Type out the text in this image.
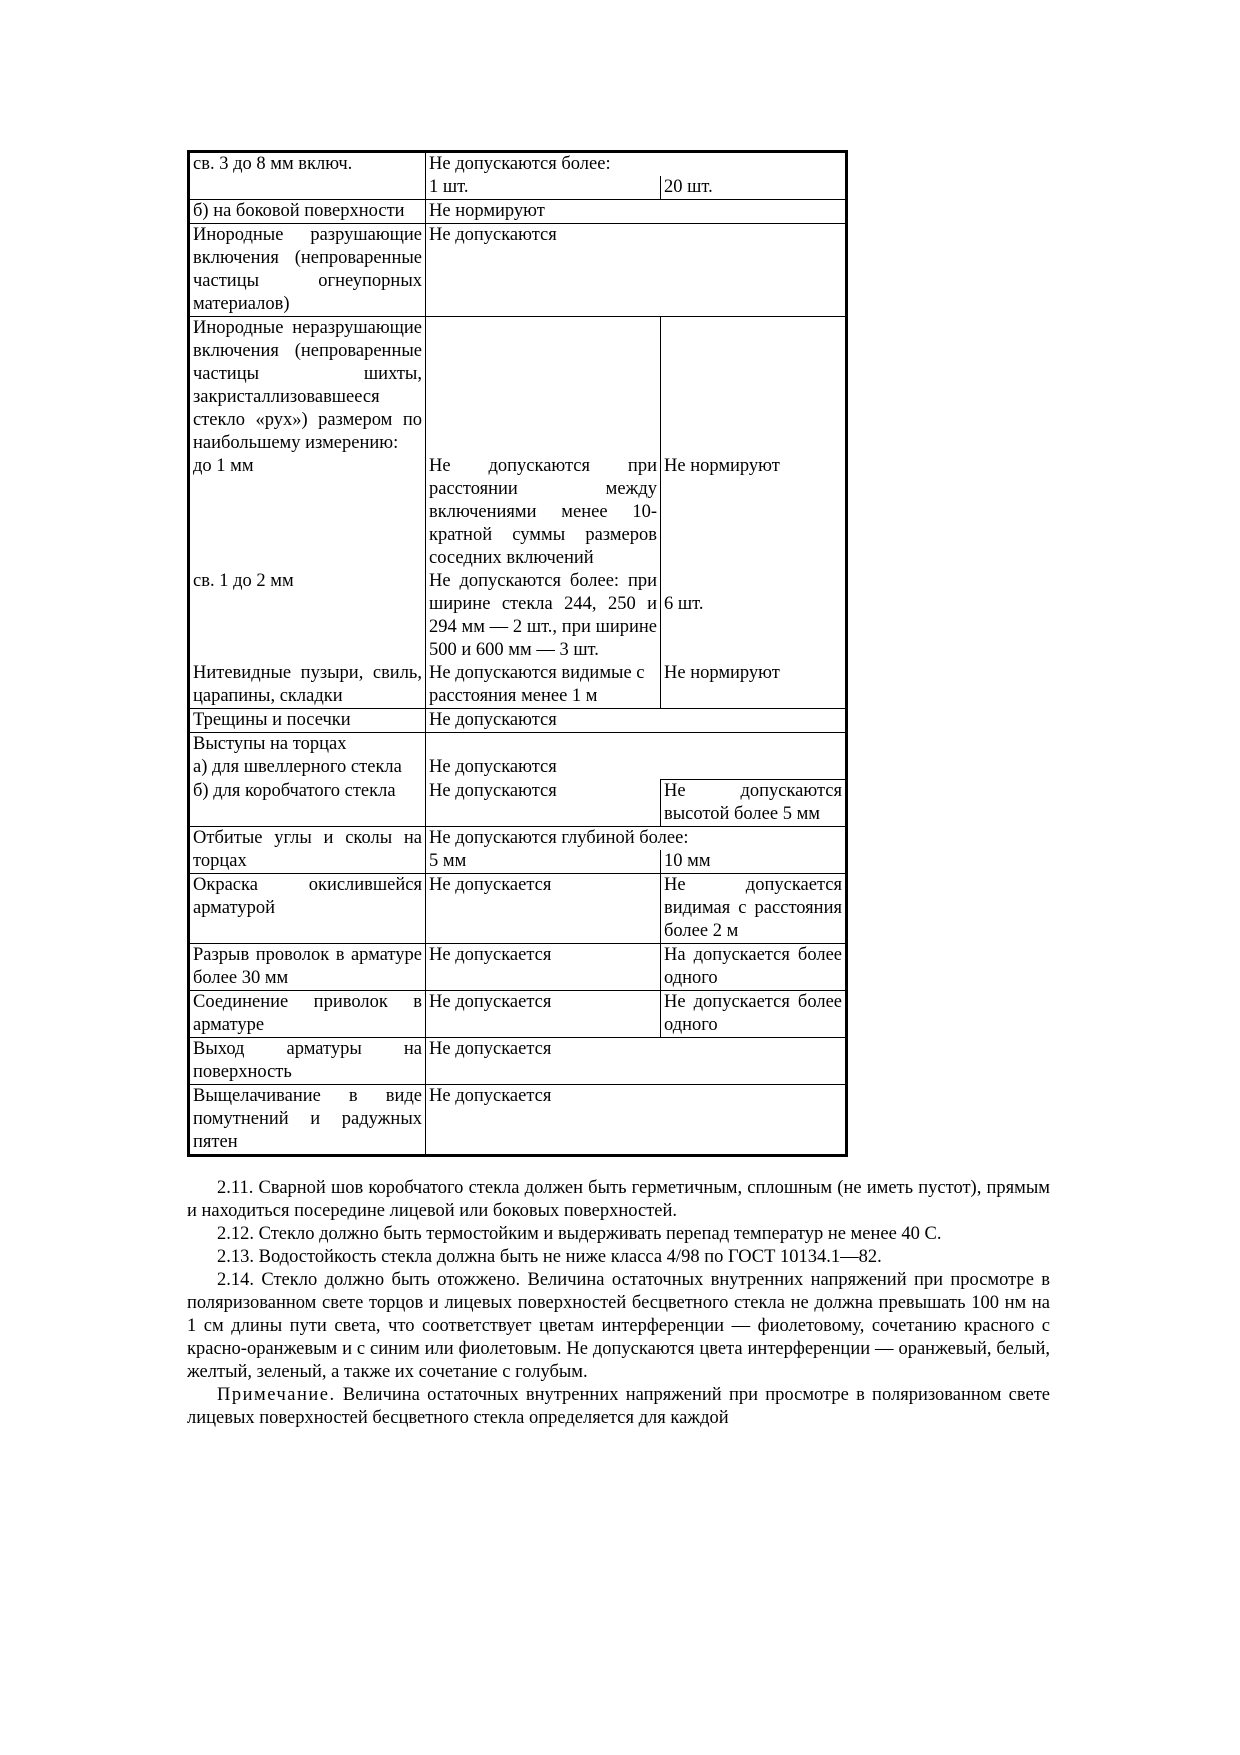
св. 3 до 8 мм включ.	Не допускаются более:	
	1 шт.	20 шт.
б) на боковой поверхности	Не нормируют	
Инородные разрушающие включения (непроваренные частицы огнеупорных материалов)	Не допускаются	
Инородные неразрушающие включения (непроваренные частицы шихты, закристаллизовавшееся стекло «рух») размером по наибольшему измерению:
до 1 мм	Не допускаются при расстоянии между включениями менее 10-кратной суммы размеров соседних включений	Не нормируют
св. 1 до 2 мм	Не допускаются более: при ширине стекла 244, 250 и 294 мм — 2 шт., при ширине 500 и 600 мм — 3 шт.	6 шт.
Нитевидные пузыри, свиль, царапины, складки	Не допускаются видимые с расстояния менее 1 м	Не нормируют
Трещины и посечки	Не допускаются	
Выступы на торцах
а) для швеллерного стекла	Не допускаются	
б) для коробчатого стекла	Не допускаются	Не допускаются высотой более 5 мм

Отбитые углы и сколы на торцах	Не допускаются глубиной более:	
	5 мм	10 мм
Окраска окислившейся арматурой	Не допускается	Не допускается видимая с расстояния более 2 м

Разрыв проволок в арматуре более 30 мм	Не допускается	На допускается более одного

Соединение приволок в арматуре	Не допускается	Не допускается более одного

Выход арматуры на поверхность	Не допускается	
Выщелачивание в виде помутнений и радужных пятен	Не допускается	

2.11. Сварной шов коробчатого стекла должен быть герметичным, сплошным (не иметь пустот), прямым и находиться посередине лицевой или боковых поверхностей.

2.12. Стекло должно быть термостойким и выдерживать перепад температур не менее 40 С.

2.13. Водостойкость стекла должна быть не ниже класса 4/98 по ГОСТ 10134.1—82.

2.14. Стекло должно быть отожжено. Величина остаточных внутренних напряжений при просмотре в поляризованном свете торцов и лицевых поверхностей бесцветного стекла не должна превышать 100 нм на 1 см длины пути света, что соответствует цветам интерференции — фиолетовому, сочетанию красного с красно-оранжевым и с синим или фиолетовым. Не допускаются цвета интерференции — оранжевый, белый, желтый, зеленый, а также их сочетание с голубым.

Примечание. Величина остаточных внутренних напряжений при просмотре в поляризованном свете лицевых поверхностей бесцветного стекла определяется для каждой
